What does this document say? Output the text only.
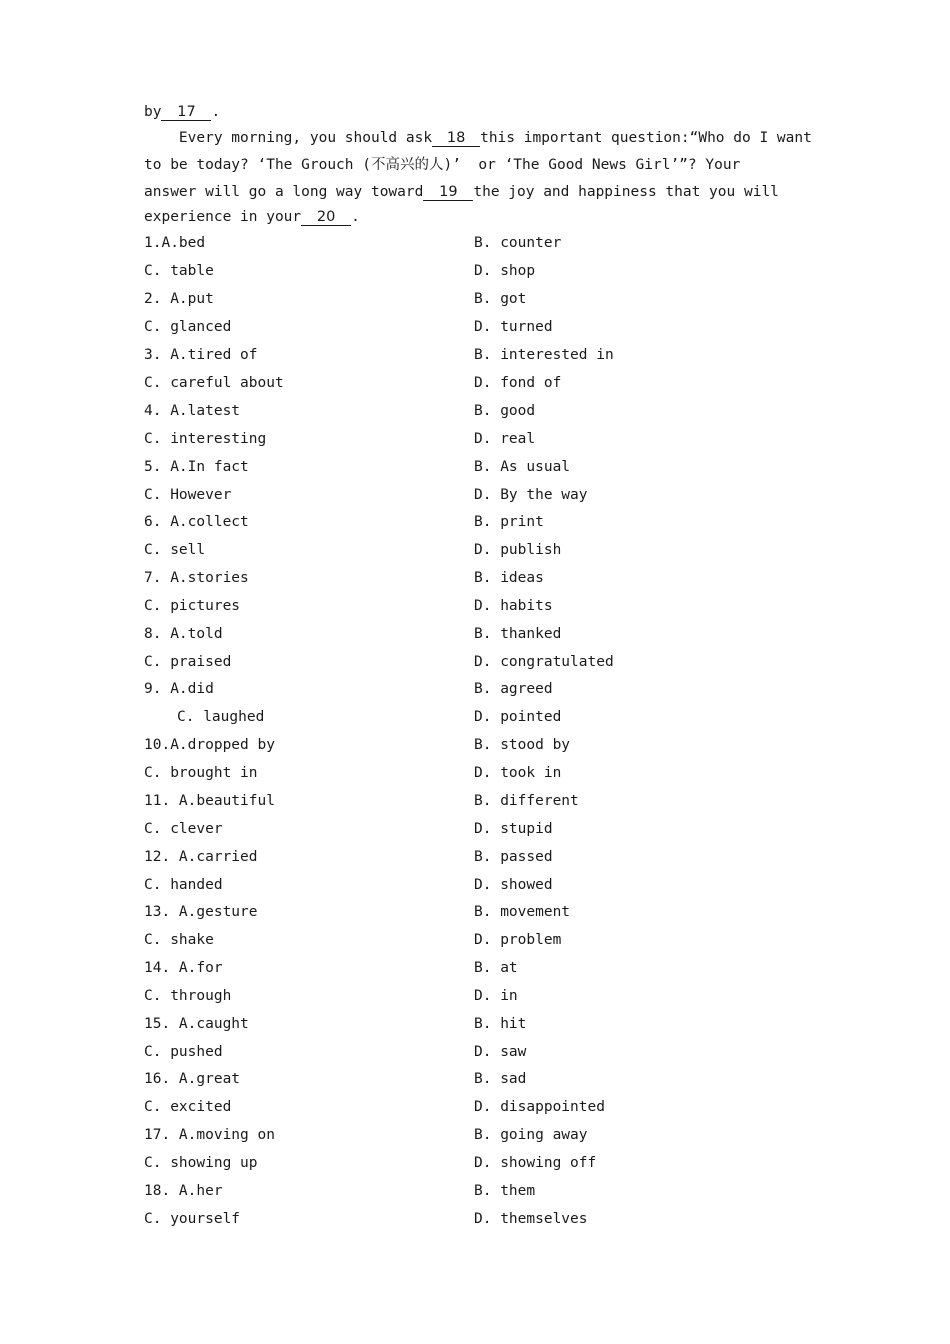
by 17 .
Every morning, you should ask 18 this important question:“Who do I want
to be today? ‘The Grouch (不高兴的人)’  or ‘The Good News Girl’”? Your
answer will go a long way toward 19 the joy and happiness that you will
experience in your 20 .
1.A.bed	B. counter
C. table	D. shop
2. A.put	B. got
C. glanced	D. turned
3. A.tired of	B. interested in
C. careful about	D. fond of
4. A.latest	B. good
C. interesting	D. real
5. A.In fact	B. As usual
C. However	D. By the way
6. A.collect	B. print
C. sell	D. publish
7. A.stories	B. ideas
C. pictures	D. habits
8. A.told	B. thanked
C. praised	D. congratulated
9. A.did	B. agreed
C. laughed	D. pointed
10.A.dropped by	B. stood by
C. brought in	D. took in
11. A.beautiful	B. different
C. clever	D. stupid
12. A.carried	B. passed
C. handed	D. showed
13. A.gesture	B. movement
C. shake	D. problem
14. A.for	B. at
C. through	D. in
15. A.caught	B. hit
C. pushed	D. saw
16. A.great	B. sad
C. excited	D. disappointed
17. A.moving on	B. going away
C. showing up	D. showing off
18. A.her	B. them
C. yourself	D. themselves
